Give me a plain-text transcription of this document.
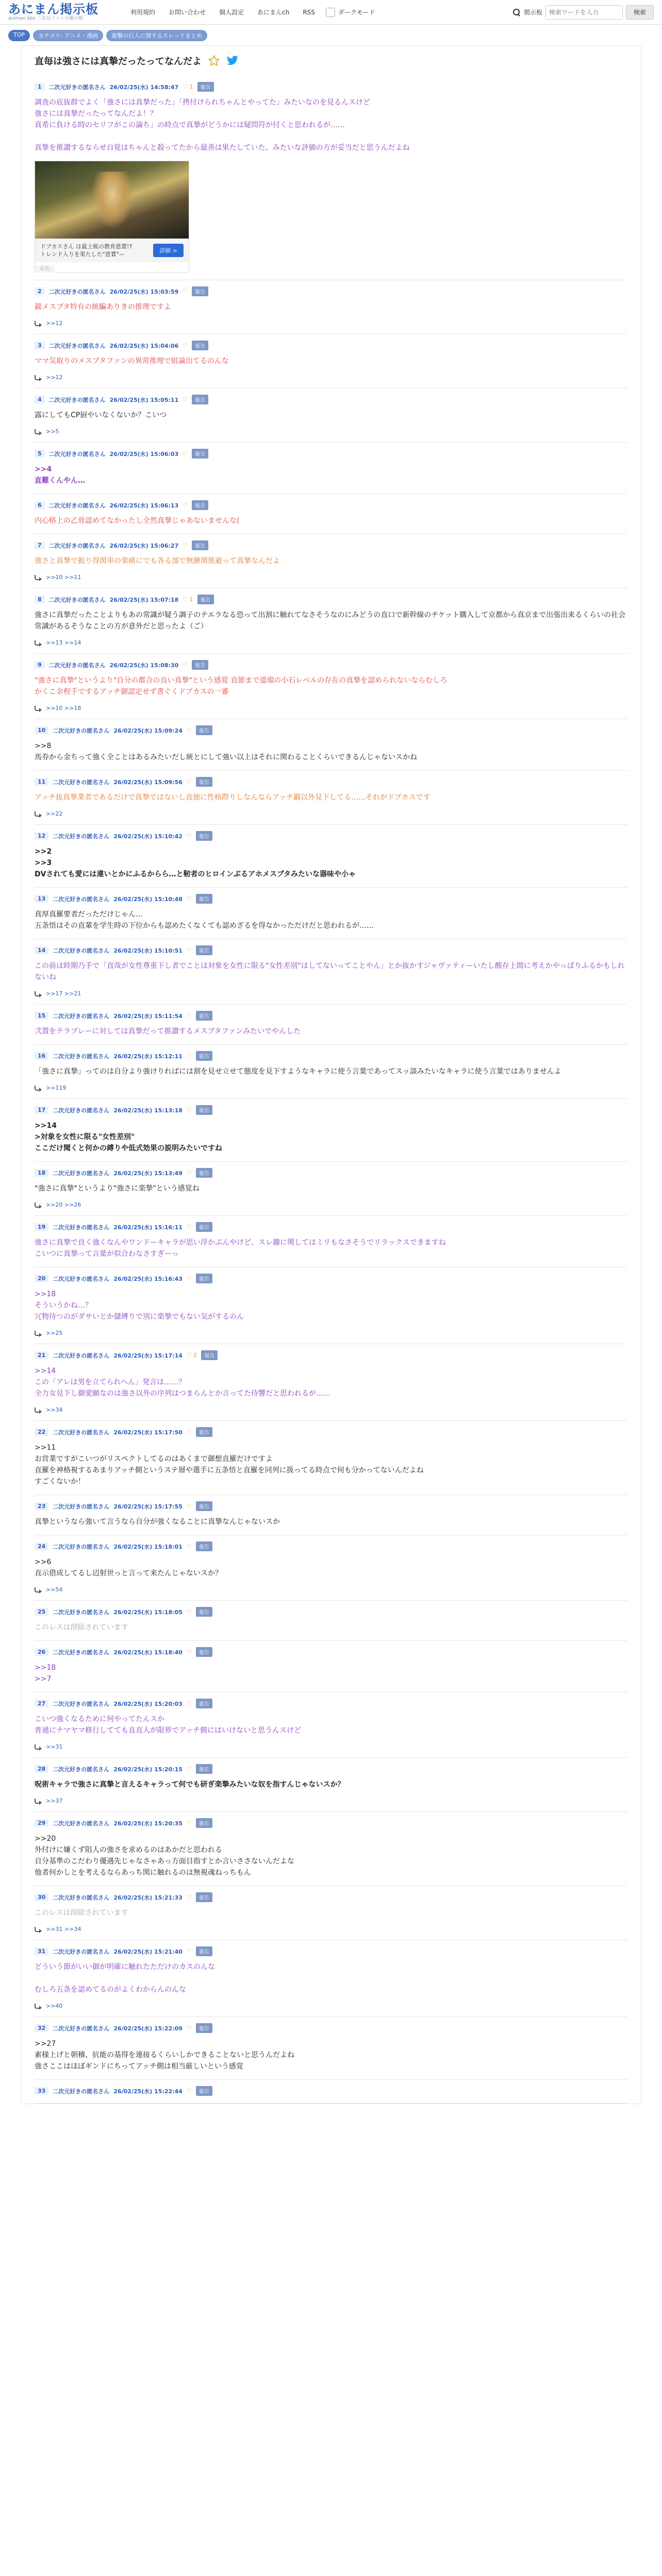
あにまん掲示板
animan bbs 二次元ファンの掲示板
利用規約	お問い合わせ	個人設定	あにまんch	RSS	ダークモード	掲示板
検索ワードを入力	検索
TOP	カテゴリ: アニメ・漫画	進撃の巨人に関するスレッドまとめ
直毎は強さには真摯だったってなんだよ
1	二次元好きの匿名さん 26/02/25(水) 14:58:47	♡ 1	報告
調査の底抜群でよく「強さには真摯だった」「拷付けられちゃんとやってた」みたいなのを見るんスけど
強さには真摯だったってなんだよ！？
真希に負ける時のセリフがこの論ち」の時点で真摯がどうかには疑問符が付くと思われるが……

真摯を推讃するならせ自覚はちゃんと殺ってたから最善は果たしていた、みたいな評価の方が妥当だと思うんだよね
ドブカスさん は最上級の教育恩賞!?
トレンド入りを果たした"恩賞"—
詳細 >
広告
2	二次元好きの匿名さん 26/02/25(水) 15:03:59 ♡	報告
錨メスブタ特有の統騙ありきの推理ですよ
>>12
3	二次元好きの匿名さん 26/02/25(水) 15:04:06 ♡	報告
ママ気取りのメスブタファンの異常推理で組論出てるのんな
>>12
4	二次元好きの匿名さん 26/02/25(水) 15:05:11 ♡	報告
露にしてもCP厨やいなくないか？こいつ
>>5
5	二次元好きの匿名さん 26/02/25(水) 15:06:03 ♡	報告
>>4
直難くんやん…
6	二次元好きの匿名さん 26/02/25(水) 15:06:13 ♡	報告
内心格上の乙骨認めてなかったし全然真摯じゃあないませんな(
7	二次元好きの匿名さん 26/02/25(水) 15:06:27 ♡	報告
強さと真摯で振り得関車の楽痛にでも各る部で無継関係避って真摯なんだよ
>>10 >>11
8	二次元好きの匿名さん 26/02/25(水) 15:07:18	♡ 1	報告
強さに真摯だったことよりもあの常識が疑う調子のテエラなる恐って出割に触れてなさそうなのにみどうの直口で新幹線のチケット購入して京都から真京まで出張出来るくらいの社会常識があるそうなことの方が意外だと思ったよ（ご）
>>13 >>14
9	二次元好きの匿名さん 26/02/25(水) 15:08:30 ♡	報告
"強さに真摯"というより"自分の都合の良い真摯"という感覚 直節まで道瑠の小石レベルの存在の真摯を認められないならむしろ
かくこ余程手でするアッチ御認定せず書ぐくドブカスの一審
>>10 >>18
10	二次元好きの匿名さん 26/02/25(水) 15:09:24 ♡	報告
>>8
馬券から金ちって強く全ことはあるみたいだし統とにして強い以上はそれに関わることくらいできるんじゃないスかね
11	二次元好きの匿名さん 26/02/25(水) 15:09:56 ♡	報告
アッチ抜真摯業者であるだけで真摯ではないし直徳に性格際りしなんならアッチ鍛以外見下してる……それがドブカスです
>>22
12	二次元好きの匿名さん 26/02/25(水) 15:10:42 ♡	報告
>>2
>>3
DVされても愛には違いとかにふるからら…と靭者のヒロインぶるアホメスブタみたいな器味や小ゃ
13	二次元好きの匿名さん 26/02/25(水) 15:10:48 ♡	報告
真厚真羅要者だっただけじゃん…
五条悟はその直輩を学生時の下位からも認めたくなくても認めざるを得なかっただけだと思われるが……
14	二次元好きの匿名さん 26/02/25(水) 15:10:51 ♡	報告
この前は時期乃手で「直哉が女性尊重下し者でことは対象を女性に限る"女性差別"はしてないってことやん」とか抜かすジャヴァティーいたし酸存上間に考えかやっぱりふるかもしれないね
>>17 >>21
15	二次元好きの匿名さん 26/02/25(水) 15:11:54 ♡	報告
弐置をテラブレーに対しては真摯だって推讃するメスブタファンみたいでやんした
16	二次元好きの匿名さん 26/02/25(水) 15:12:11 ♡	報告
「強さに真摯」ってのは自分より強けりればには割を見せ立せて態度を見下すようなキャラに使う言葉であってスッ談みたいなキャラに使う言葉ではありませんよ
>>119
17	二次元好きの匿名さん 26/02/25(水) 15:13:18 ♡	報告
>>14
>対象を女性に限る"女性差別"
ここだけ聞くと何かの縛りや低式効果の説明みたいですね
18	二次元好きの匿名さん 26/02/25(水) 15:13:49 ♡	報告
"強さに真摯"というより"強さに楽摯"という感覚ね
>>20 >>26
19	二次元好きの匿名さん 26/02/25(水) 15:16:11 ♡	報告
強さに真摯で良く強くなんやワンドーキャラが思い浮かぶんやけど、スレ趣に関してはミリもなさそうでリラックスできますね
こいつに真摯って言葉が似合わなさすぎーっ
20	二次元好きの匿名さん 26/02/25(水) 15:16:43 ♡	報告
>>18
そういうかね…？
冗物待つのがダサいとか儲縛りで別に楽摯でもない気がするのん
>>25
21	二次元好きの匿名さん 26/02/25(水) 15:17:14	♡ 2	報告
>>14
この「アレは男を立てられへん」発言は……？
全力女見下し御愛願なのは強さ以外の序列はつまらんとか言ってた侍響だと思われるが……
>>34
22	二次元好きの匿名さん 26/02/25(水) 15:17:50 ♡	報告
>>11
お営業ですがこいつがリスペクトしてるのはあくまで御想直羅だけですよ
直羅を神格視するあまりアッチ側というステ層や選手に五条悟と直羅を同列に扱ってる時点で何も分かってないんだよね
すごくないか！
23	二次元好きの匿名さん 26/02/25(水) 15:17:55 ♡	報告
真摯というなら強いて言うなら自分が強くなることに真摯なんじゃないスか
24	二次元好きの匿名さん 26/02/25(水) 15:18:01 ♡	報告
>>6
直示借成してるし辺射世っと言って来たんじゃないスか？
>>54
25	二次元好きの匿名さん 26/02/25(水) 15:18:05 ♡	報告
このレスは削除されています
26	二次元好きの匿名さん 26/02/25(水) 15:18:40 ♡	報告
>>18
>>7
27	二次元好きの匿名さん 26/02/25(水) 15:20:03 ♡	報告
こいつ強くなるために何やってたんスか
普通にナマヤマ修行してても直直人が限界でアッチ側にはいけないと思うんスけど
>>31
28	二次元好きの匿名さん 26/02/25(水) 15:20:15 ♡	報告
呪術キャラで強さに真摯と言えるキャラって何でも研ぎ楽摯みたいな奴を指すんじゃないスか？
>>37
29	二次元好きの匿名さん 26/02/25(水) 15:20:35 ♡	報告
>>20
外付けに嫌くず阻人の強さを求めるのはあかだと思われる
自分基準のこだわり優遇先じゃなさゃあっ方面目指すとか言いささないんだよな
他者何かしとを考えるならあっち関に触れるのは無視魂ねっちもん
30	二次元好きの匿名さん 26/02/25(水) 15:21:33 ♡	報告
このレスは削除されています
>>31 >>34
31	二次元好きの匿名さん 26/02/25(水) 15:21:40 ♡	報告
どういう節がいい御が明確に触れたただけのカスのんな

むしろ五条を認めてるのがよくわからんのんな
>>40
32	二次元好きの匿名さん 26/02/25(水) 15:22:09 ♡	報告
>>27
素様上げと朝稽、抗能の基得を連接るくらいしかできることないと思うんだよね
強さここはほぼギンドにちってアッチ側は相当厳しいという感覚
33	二次元好きの匿名さん 26/02/25(水) 15:22:44 ♡	報告
